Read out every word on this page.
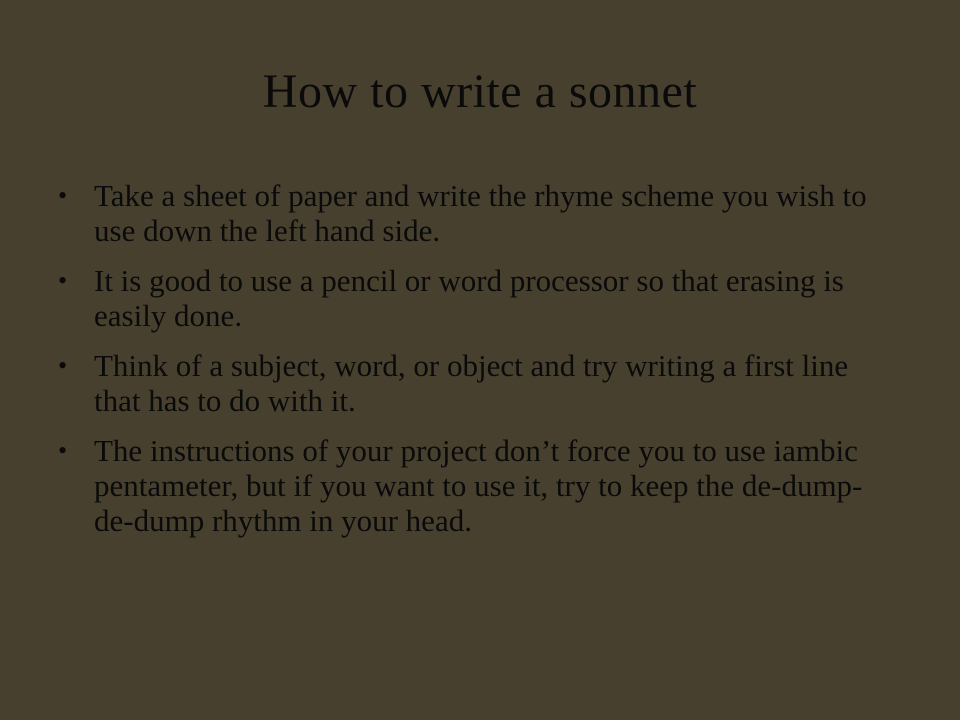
How to write a sonnet
• Take a sheet of paper and write the rhyme scheme you wish to use down the left hand side.
• It is good to use a pencil or word processor so that erasing is easily done.
• Think of a subject, word, or object and try writing a first line that has to do with it.
• The instructions of your project don’t force you to use iambic pentameter, but if you want to use it, try to keep the de-dump-de-dump rhythm in your head.
